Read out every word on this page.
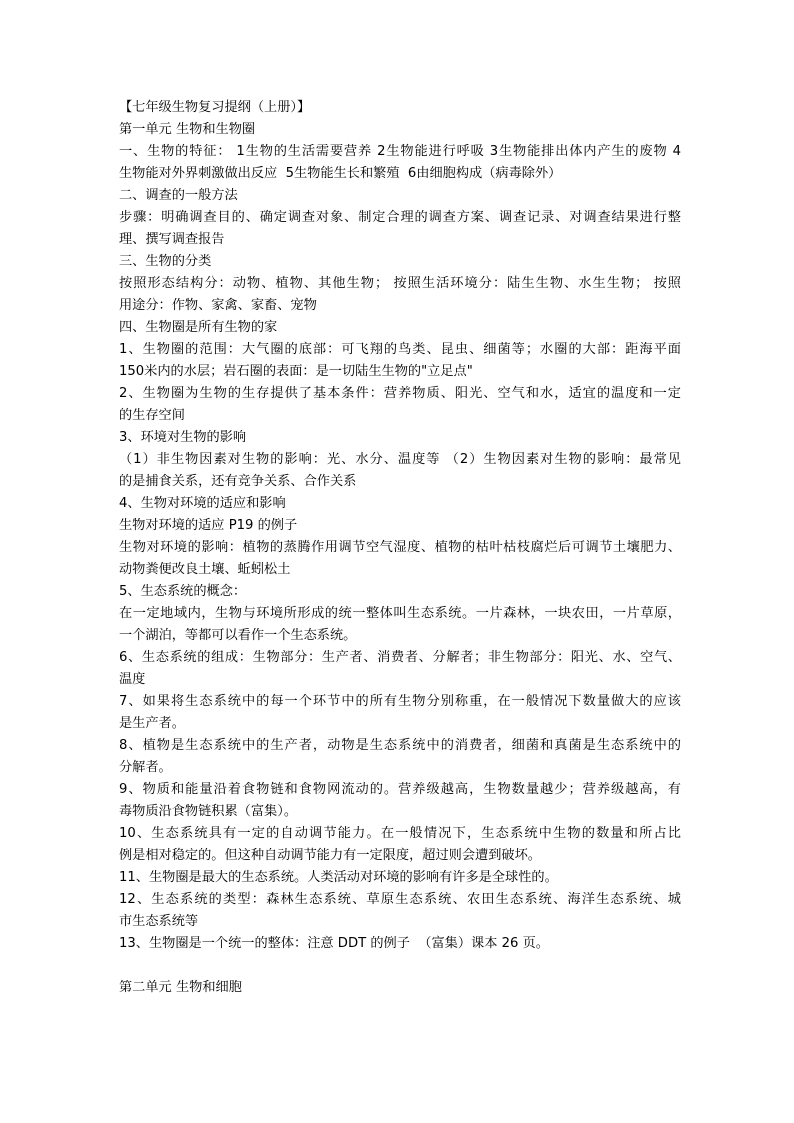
【七年级生物复习提纲（上册）】
第一单元 生物和生物圈
一、生物的特征： 1生物的生活需要营养 2生物能进行呼吸 3生物能排出体内产生的废物 4
生物能对外界刺激做出反应  5生物能生长和繁殖  6由细胞构成（病毒除外）
二、调查的一般方法
步骤：明确调查目的、确定调查对象、制定合理的调查方案、调查记录、对调查结果进行整
理、撰写调查报告
三、生物的分类
按照形态结构分：动物、植物、其他生物； 按照生活环境分：陆生生物、水生生物； 按照
用途分：作物、家禽、家畜、宠物
四、生物圈是所有生物的家
1、生物圈的范围：大气圈的底部：可飞翔的鸟类、昆虫、细菌等；水圈的大部：距海平面
150米内的水层；岩石圈的表面：是一切陆生生物的"立足点"
2、生物圈为生物的生存提供了基本条件：营养物质、阳光、空气和水，适宜的温度和一定
的生存空间
3、环境对生物的影响
（1）非生物因素对生物的影响：光、水分、温度等 （2）生物因素对生物的影响：最常见
的是捕食关系，还有竞争关系、合作关系
4、生物对环境的适应和影响
生物对环境的适应 P19 的例子
生物对环境的影响：植物的蒸腾作用调节空气湿度、植物的枯叶枯枝腐烂后可调节土壤肥力、
动物粪便改良土壤、蚯蚓松土
5、生态系统的概念：
在一定地域内，生物与环境所形成的统一整体叫生态系统。一片森林，一块农田，一片草原，
一个湖泊，等都可以看作一个生态系统。
6、生态系统的组成：生物部分：生产者、消费者、分解者；非生物部分：阳光、水、空气、
温度
7、如果将生态系统中的每一个环节中的所有生物分别称重，在一般情况下数量做大的应该
是生产者。
8、植物是生态系统中的生产者，动物是生态系统中的消费者，细菌和真菌是生态系统中的
分解者。
9、物质和能量沿着食物链和食物网流动的。营养级越高，生物数量越少；营养级越高，有
毒物质沿食物链积累（富集）。
10、生态系统具有一定的自动调节能力。在一般情况下，生态系统中生物的数量和所占比
例是相对稳定的。但这种自动调节能力有一定限度，超过则会遭到破坏。
11、生物圈是最大的生态系统。人类活动对环境的影响有许多是全球性的。
12、生态系统的类型：森林生态系统、草原生态系统、农田生态系统、海洋生态系统、城
市生态系统等
13、生物圈是一个统一的整体：注意 DDT 的例子  （富集）课本 26 页。
第二单元 生物和细胞
